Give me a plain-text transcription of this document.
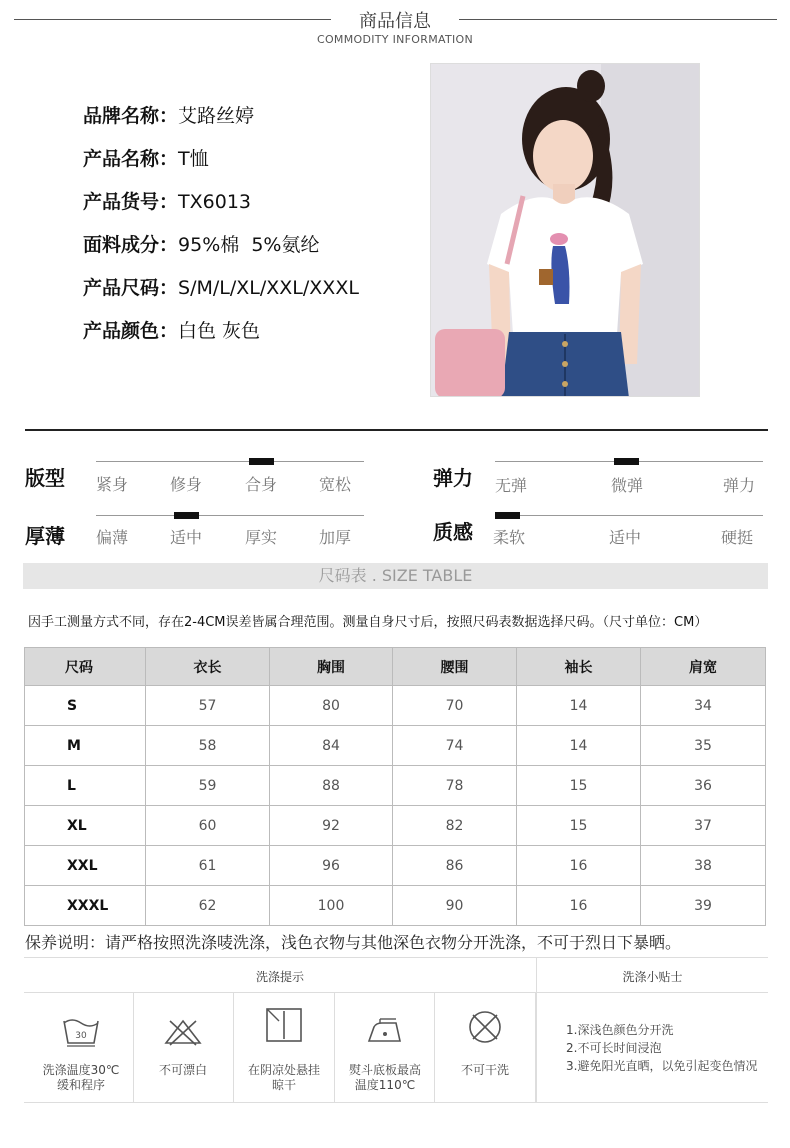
商品信息
COMMODITY INFORMATION
品牌名称：艾路丝婷
产品名称：T恤
产品货号：TX6013
面料成分：95%棉  5%氨纶
产品尺码：S/M/L/XL/XXL/XXXL
产品颜色：白色 灰色
版型 紧身	修身	合身	宽松	弹力 无弹	微弹	弹力
厚薄 偏薄	适中	厚实	加厚	质感 柔软	适中	硬挺
尺码表 . SIZE TABLE
因手工测量方式不同，存在2-4CM误差皆属合理范围。测量自身尺寸后，按照尺码表数据选择尺码。（尺寸单位：CM）
尺码	衣长	胸围	腰围	袖长	肩宽
S	57	80	70	14	34
M	58	84	74	14	35
L	59	88	78	15	36
XL	60	92	82	15	37
XXL	61	96	86	16	38
XXXL	62	100	90	16	39
保养说明：请严格按照洗涤唛洗涤，浅色衣物与其他深色衣物分开洗涤，不可于烈日下暴晒。
洗涤提示	洗涤小贴士
30
洗涤温度30℃
缓和程序
不可漂白	在阴凉处悬挂
晾干
熨斗底板最高
温度110℃
不可干洗
1.深浅色颜色分开洗
2.不可长时间浸泡
3.避免阳光直晒，以免引起变色情况
